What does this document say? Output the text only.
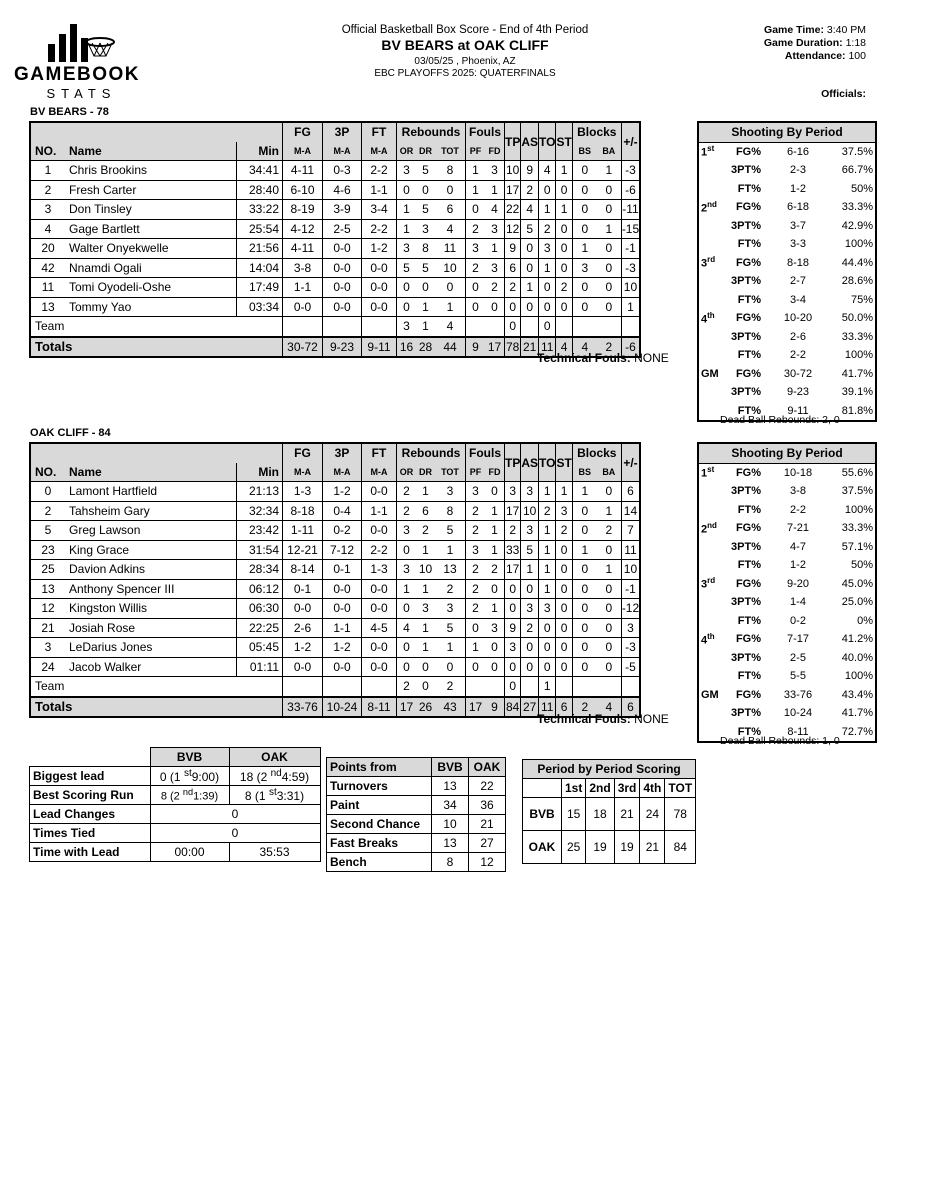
GAMEBOOK
STATS
Official Basketball Box Score - End of 4th Period
BV BEARS at OAK CLIFF
03/05/25 , Phoenix, AZ
EBC PLAYOFFS 2025: QUATERFINALS
Game Time: 3:40 PM
Game Duration: 1:18
Attendance: 100
Officials:
BV BEARS - 78
			FG	3P	FT	Rebounds			Fouls		TP	AS	TO	ST	Blocks		+/-
NO.	Name	Min	M-A	M-A	M-A	OR	DR	TOT	PF	FD					BS	BA	
1	Chris Brookins	34:41	4-11	0-3	2-2	3	5	8	1	3	10	9	4	1	0	1	-3
2	Fresh Carter	28:40	6-10	4-6	1-1	0	0	0	1	1	17	2	0	0	0	0	-6
3	Don Tinsley	33:22	8-19	3-9	3-4	1	5	6	0	4	22	4	1	1	0	0	-11
4	Gage Bartlett	25:54	4-12	2-5	2-2	1	3	4	2	3	12	5	2	0	0	1	-15
20	Walter Onyekwelle	21:56	4-11	0-0	1-2	3	8	11	3	1	9	0	3	0	1	0	-1
42	Nnamdi Ogali	14:04	3-8	0-0	0-0	5	5	10	2	3	6	0	1	0	3	0	-3
11	Tomi Oyodeli-Oshe	17:49	1-1	0-0	0-0	0	0	0	0	2	2	1	0	2	0	0	10
13	Tommy Yao	03:34	0-0	0-0	0-0	0	1	1	0	0	0	0	0	0	0	0	1
Team						3	1	4			0		0				
Totals			30-72	9-23	9-11	16	28	44	9	17	78	21	11	4	4	2	-6
Technical Fouls: NONE
Shooting By Period			
1st	FG%	6-16	37.5%
	3PT%	2-3	66.7%
	FT%	1-2	50%
2nd	FG%	6-18	33.3%
	3PT%	3-7	42.9%
	FT%	3-3	100%
3rd	FG%	8-18	44.4%
	3PT%	2-7	28.6%
	FT%	3-4	75%
4th	FG%	10-20	50.0%
	3PT%	2-6	33.3%
	FT%	2-2	100%
GM	FG%	30-72	41.7%
	3PT%	9-23	39.1%
	FT%	9-11	81.8%
Dead Ball Rebounds: 2, 0
OAK CLIFF - 84
			FG	3P	FT	Rebounds			Fouls		TP	AS	TO	ST	Blocks		+/-
NO.	Name	Min	M-A	M-A	M-A	OR	DR	TOT	PF	FD					BS	BA	
0	Lamont Hartfield	21:13	1-3	1-2	0-0	2	1	3	3	0	3	3	1	1	1	0	6
2	Tahsheim Gary	32:34	8-18	0-4	1-1	2	6	8	2	1	17	10	2	3	0	1	14
5	Greg Lawson	23:42	1-11	0-2	0-0	3	2	5	2	1	2	3	1	2	0	2	7
23	King Grace	31:54	12-21	7-12	2-2	0	1	1	3	1	33	5	1	0	1	0	11
25	Davion Adkins	28:34	8-14	0-1	1-3	3	10	13	2	2	17	1	1	0	0	1	10
13	Anthony Spencer III	06:12	0-1	0-0	0-0	1	1	2	2	0	0	0	1	0	0	0	-1
12	Kingston Willis	06:30	0-0	0-0	0-0	0	3	3	2	1	0	3	3	0	0	0	-12
21	Josiah Rose	22:25	2-6	1-1	4-5	4	1	5	0	3	9	2	0	0	0	0	3
3	LeDarius Jones	05:45	1-2	1-2	0-0	0	1	1	1	0	3	0	0	0	0	0	-3
24	Jacob Walker	01:11	0-0	0-0	0-0	0	0	0	0	0	0	0	0	0	0	0	-5
Team						2	0	2			0		1				
Totals			33-76	10-24	8-11	17	26	43	17	9	84	27	11	6	2	4	6
Technical Fouls: NONE
Shooting By Period			
1st	FG%	10-18	55.6%
	3PT%	3-8	37.5%
	FT%	2-2	100%
2nd	FG%	7-21	33.3%
	3PT%	4-7	57.1%
	FT%	1-2	50%
3rd	FG%	9-20	45.0%
	3PT%	1-4	25.0%
	FT%	0-2	0%
4th	FG%	7-17	41.2%
	3PT%	2-5	40.0%
	FT%	5-5	100%
GM	FG%	33-76	43.4%
	3PT%	10-24	41.7%
	FT%	8-11	72.7%
Dead Ball Rebounds: 1, 0
	BVB	OAK
Biggest lead	0 (1 $^{st}$9:00)	18 (2 $^{nd}$4:59)
Best Scoring Run	8 (2 $^{nd}$1:39)	8 (1 $^{st}$3:31)
Lead Changes	0	
Times Tied	0	
Time with Lead	00:00	35:53
Points from	BVB	OAK
Turnovers	13	22
Paint	34	36
Second Chance	10	21
Fast Breaks	13	27
Bench	8	12
Period by Period Scoring					
	1st	2nd	3rd	4th	TOT
BVB	15	18	21	24	78
OAK	25	19	19	21	84
